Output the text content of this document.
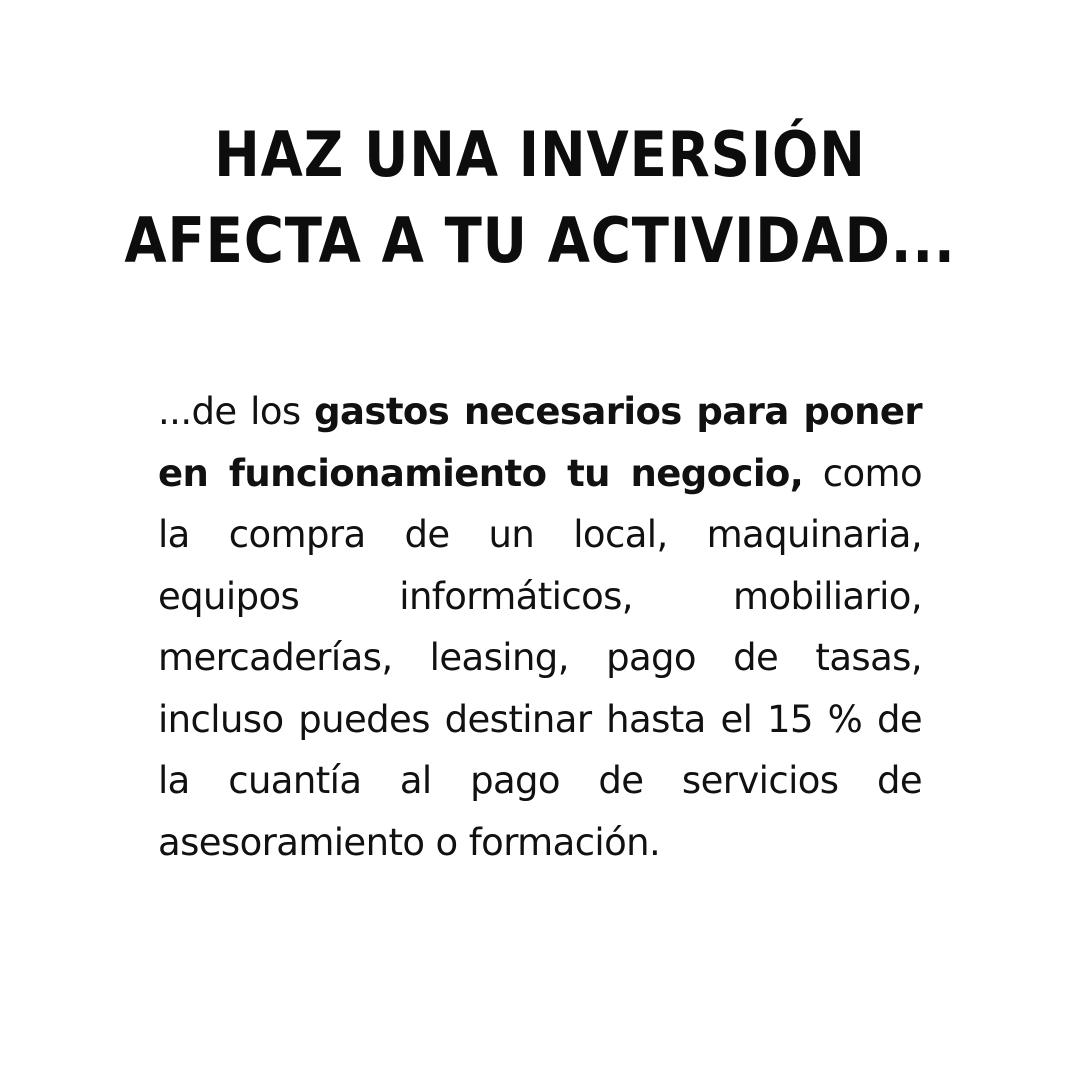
HAZ UNA INVERSIÓN
AFECTA A TU ACTIVIDAD...

...de los gastos necesarios para poner en funcionamiento tu negocio, como la compra de un local, maquinaria, equipos informáticos, mobiliario, mercaderías, leasing, pago de tasas, incluso puedes destinar hasta el 15 % de la cuantía al pago de servicios de asesoramiento o formación.
